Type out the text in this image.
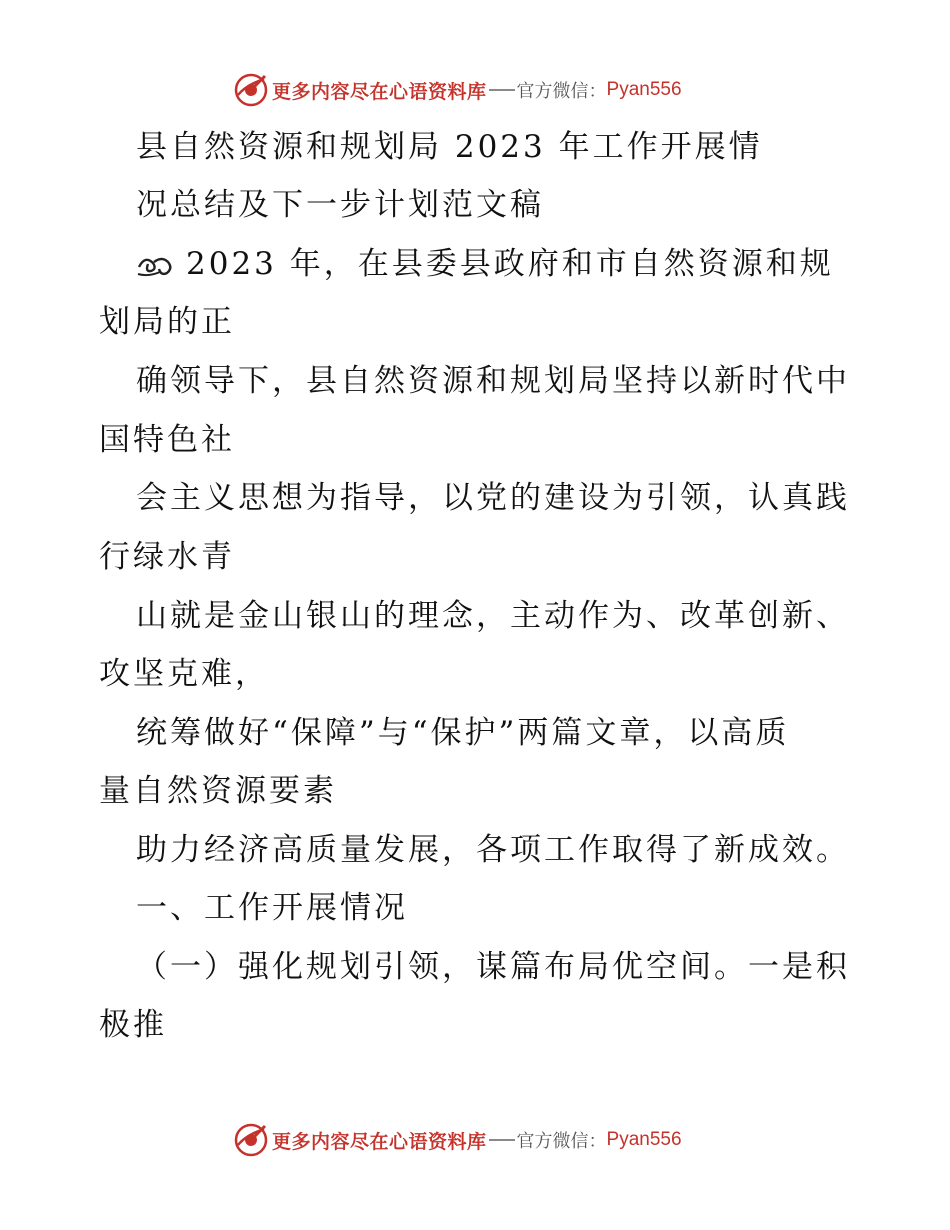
更多内容尽在心语资料库 官方微信： Pyan556
县自然资源和规划局 2023 年工作开展情
况总结及下一步计划范文稿
2023 年，在县委县政府和市自然资源和规
划局的正
确领导下，县自然资源和规划局坚持以新时代中
国特色社
会主义思想为指导，以党的建设为引领，认真践
行绿水青
山就是金山银山的理念，主动作为、改革创新、
攻坚克难，
统筹做好“保障”与“保护”两篇文章，以高质
量自然资源要素
助力经济高质量发展，各项工作取得了新成效。
一、工作开展情况
（一）强化规划引领，谋篇布局优空间。一是积
极推
更多内容尽在心语资料库 官方微信： Pyan556
